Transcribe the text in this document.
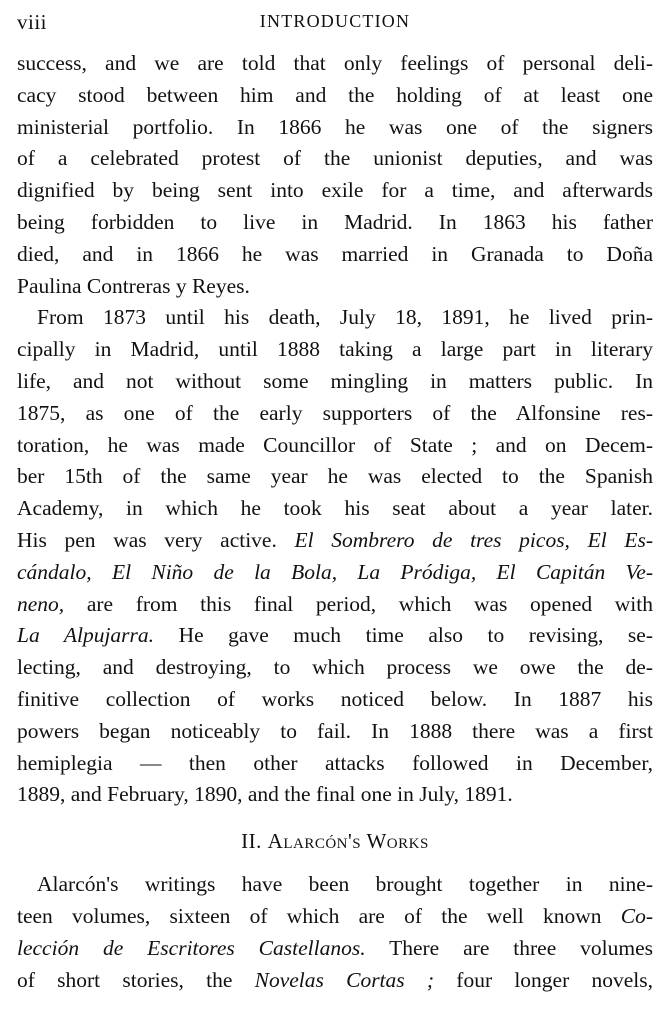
viii	INTRODUCTION
success, and we are told that only feelings of personal deli-
cacy stood between him and the holding of at least one
ministerial portfolio. In 1866 he was one of the signers
of a celebrated protest of the unionist deputies, and was
dignified by being sent into exile for a time, and afterwards
being forbidden to live in Madrid. In 1863 his father
died, and in 1866 he was married in Granada to Doña
Paulina Contreras y Reyes.
From 1873 until his death, July 18, 1891, he lived prin-
cipally in Madrid, until 1888 taking a large part in literary
life, and not without some mingling in matters public. In
1875, as one of the early supporters of the Alfonsine res-
toration, he was made Councillor of State ; and on Decem-
ber 15th of the same year he was elected to the Spanish
Academy, in which he took his seat about a year later.
His pen was very active. El Sombrero de tres picos, El Es-
cándalo, El Niño de la Bola, La Pródiga, El Capitán Ve-
neno, are from this final period, which was opened with
La Alpujarra. He gave much time also to revising, se-
lecting, and destroying, to which process we owe the de-
finitive collection of works noticed below. In 1887 his
powers began noticeably to fail. In 1888 there was a first
hemiplegia — then other attacks followed in December,
1889, and February, 1890, and the final one in July, 1891.
II. Alarcón's Works
Alarcón's writings have been brought together in nine-
teen volumes, sixteen of which are of the well known Co-
lección de Escritores Castellanos. There are three volumes
of short stories, the Novelas Cortas ; four longer novels,
